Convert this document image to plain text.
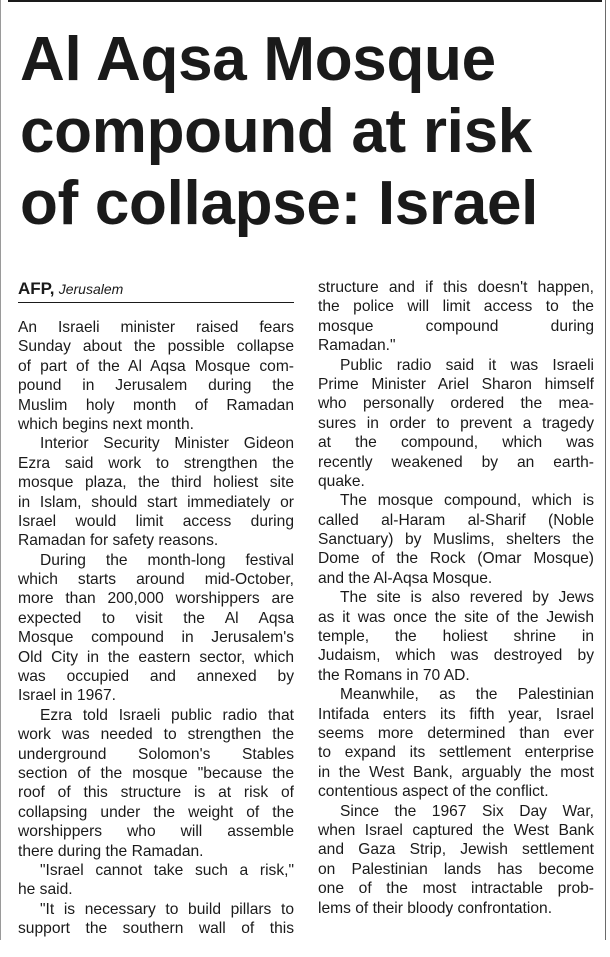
Al Aqsa Mosque
compound at risk
of collapse: Israel
AFP, Jerusalem
An Israeli minister raised fears
Sunday about the possible collapse
of part of the Al Aqsa Mosque com-
pound in Jerusalem during the
Muslim holy month of Ramadan
which begins next month.
Interior Security Minister Gideon
Ezra said work to strengthen the
mosque plaza, the third holiest site
in Islam, should start immediately or
Israel would limit access during
Ramadan for safety reasons.
During the month-long festival
which starts around mid-October,
more than 200,000 worshippers are
expected to visit the Al Aqsa
Mosque compound in Jerusalem's
Old City in the eastern sector, which
was occupied and annexed by
Israel in 1967.
Ezra told Israeli public radio that
work was needed to strengthen the
underground Solomon's Stables
section of the mosque "because the
roof of this structure is at risk of
collapsing under the weight of the
worshippers who will assemble
there during the Ramadan.
"Israel cannot take such a risk,"
he said.
"It is necessary to build pillars to
support the southern wall of this
structure and if this doesn't happen,
the police will limit access to the
mosque compound during
Ramadan."
Public radio said it was Israeli
Prime Minister Ariel Sharon himself
who personally ordered the mea-
sures in order to prevent a tragedy
at the compound, which was
recently weakened by an earth-
quake.
The mosque compound, which is
called al-Haram al-Sharif (Noble
Sanctuary) by Muslims, shelters the
Dome of the Rock (Omar Mosque)
and the Al-Aqsa Mosque.
The site is also revered by Jews
as it was once the site of the Jewish
temple, the holiest shrine in
Judaism, which was destroyed by
the Romans in 70 AD.
Meanwhile, as the Palestinian
Intifada enters its fifth year, Israel
seems more determined than ever
to expand its settlement enterprise
in the West Bank, arguably the most
contentious aspect of the conflict.
Since the 1967 Six Day War,
when Israel captured the West Bank
and Gaza Strip, Jewish settlement
on Palestinian lands has become
one of the most intractable prob-
lems of their bloody confrontation.
